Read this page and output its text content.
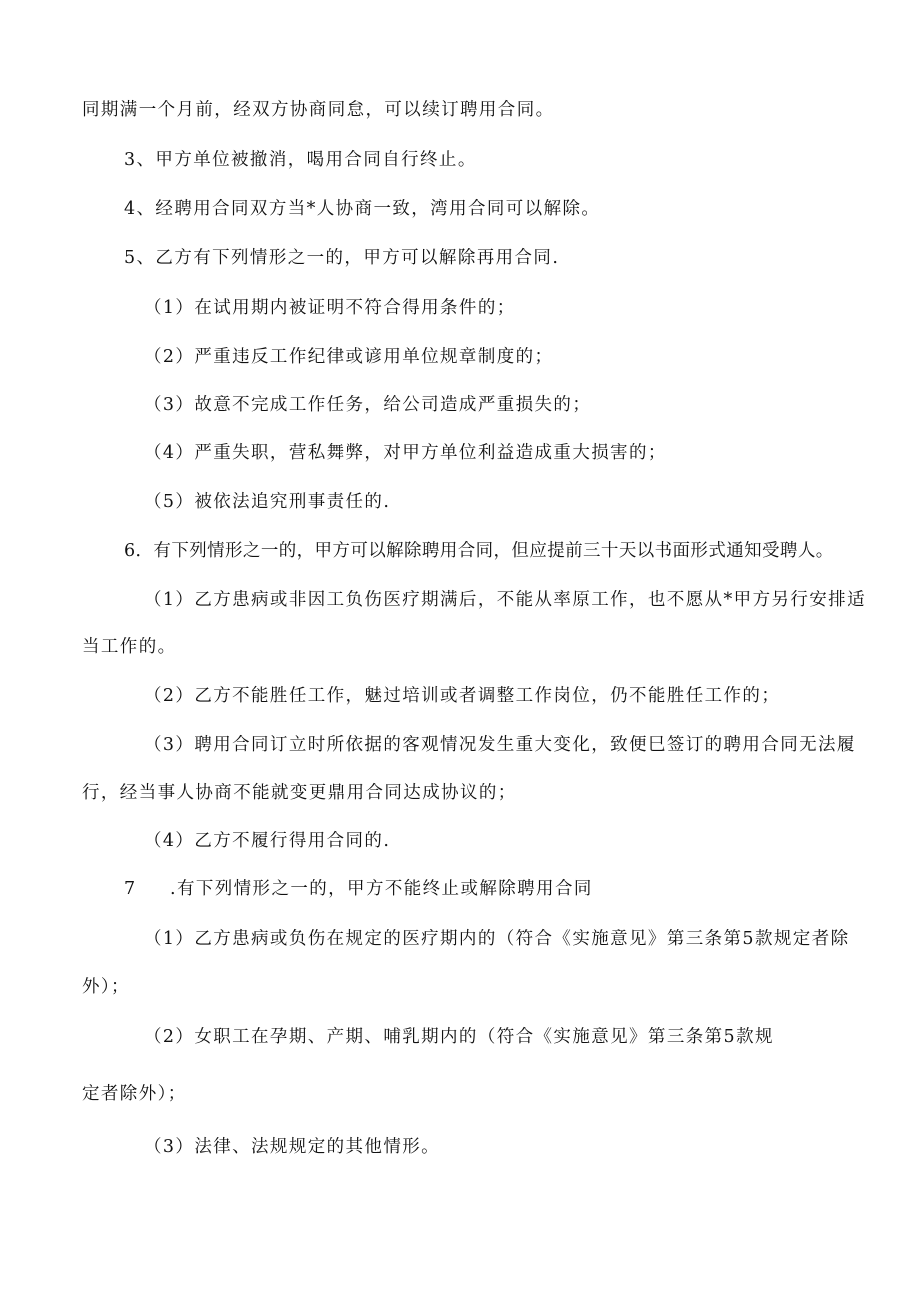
同期满一个月前，经双方协商同怠，可以续订聘用合同。
3、甲方单位被撤消，喝用合同自行终止。
4、经聘用合同双方当*人协商一致，湾用合同可以解除。
5、乙方有下列情形之一的，甲方可以解除再用合同.
（1）在试用期内被证明不符合得用条件的；
（2）严重违反工作纪律或谚用单位规章制度的；
（3）故意不完成工作任务，给公司造成严重损失的；
（4）严重失职，营私舞弊，对甲方单位利益造成重大损害的；
（5）被依法追究刑事责任的.
6．有下列情形之一的，甲方可以解除聘用合同，但应提前三十天以书面形式通知受聘人。
（1）乙方患病或非因工负伤医疗期满后，不能从率原工作，也不愿从*甲方另行安排适
当工作的。
（2）乙方不能胜任工作，魅过培训或者调整工作岗位，仍不能胜任工作的；
（3）聘用合同订立时所依据的客观情况发生重大变化，致便巳签订的聘用合同无法履
行，经当事人协商不能就变更鼎用合同达成协议的；
（4）乙方不履行得用合同的.
7 .有下列情形之一的，甲方不能终止或解除聘用合同
（1）乙方患病或负伤在规定的医疗期内的（符合《实施意见》第三条第5款规定者除
外）；
（2）女职工在孕期、产期、哺乳期内的（符合《实施意见》第三条第5款规
定者除外）；
（3）法律、法规规定的其他情形。
